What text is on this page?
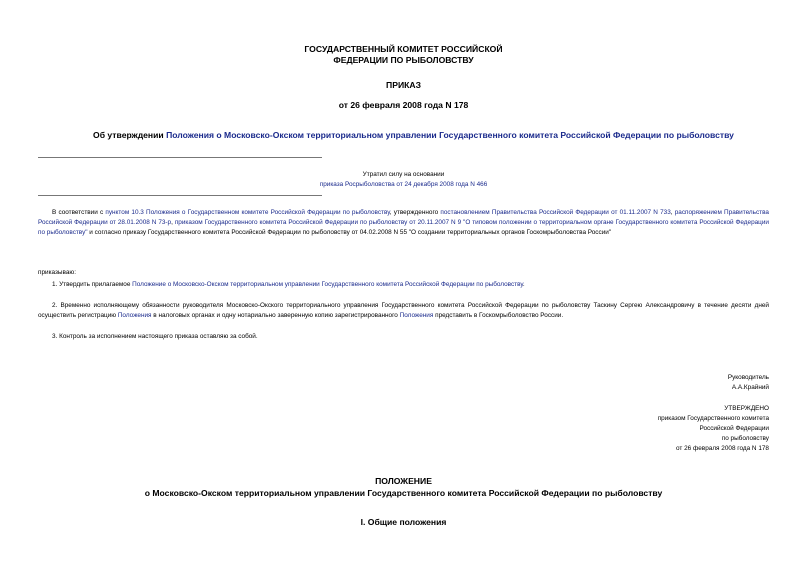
ГОСУДАРСТВЕННЫЙ КОМИТЕТ РОССИЙСКОЙ
ФЕДЕРАЦИИ ПО РЫБОЛОВСТВУ
ПРИКАЗ
от 26 февраля 2008 года N 178
Об утверждении Положения о Московско-Окском территориальном управлении Государственного комитета Российской Федерации по рыболовству
Утратил силу на основании
приказа Росрыболовства от 24 декабря 2008 года N 466
В соответствии с пунктом 10.3 Положения о Государственном комитете Российской Федерации по рыболовству, утвержденного постановлением Правительства Российской Федерации от 01.11.2007 N 733, распоряжением Правительства Российской Федерации от 28.01.2008 N 73-р, приказом Государственного комитета Российской Федерации по рыболовству от 20.11.2007 N 9 "О типовом положении о территориальном органе Государственного комитета Российской Федерации по рыболовству" и согласно приказу Государственного комитета Российской Федерации по рыболовству от 04.02.2008 N 55 "О создании территориальных органов Госкомрыболовства России"
приказываю:
1. Утвердить прилагаемое Положение о Московско-Окском территориальном управлении Государственного комитета Российской Федерации по рыболовству.
2. Временно исполняющему обязанности руководителя Московско-Окского территориального управления Государственного комитета Российской Федерации по рыболовству Таскину Сергею Александровичу в течение десяти дней осуществить регистрацию Положения в налоговых органах и одну нотариально заверенную копию зарегистрированного Положения представить в Госкомрыболовство России.
3. Контроль за исполнением настоящего приказа оставляю за собой.
Руководитель
А.А.Крайний
УТВЕРЖДЕНО
приказом Государственного комитета
Российской Федерации
по рыболовству
от 26 февраля 2008 года N 178
ПОЛОЖЕНИЕ
о Московско-Окском территориальном управлении Государственного комитета Российской Федерации по рыболовству
I. Общие положения
